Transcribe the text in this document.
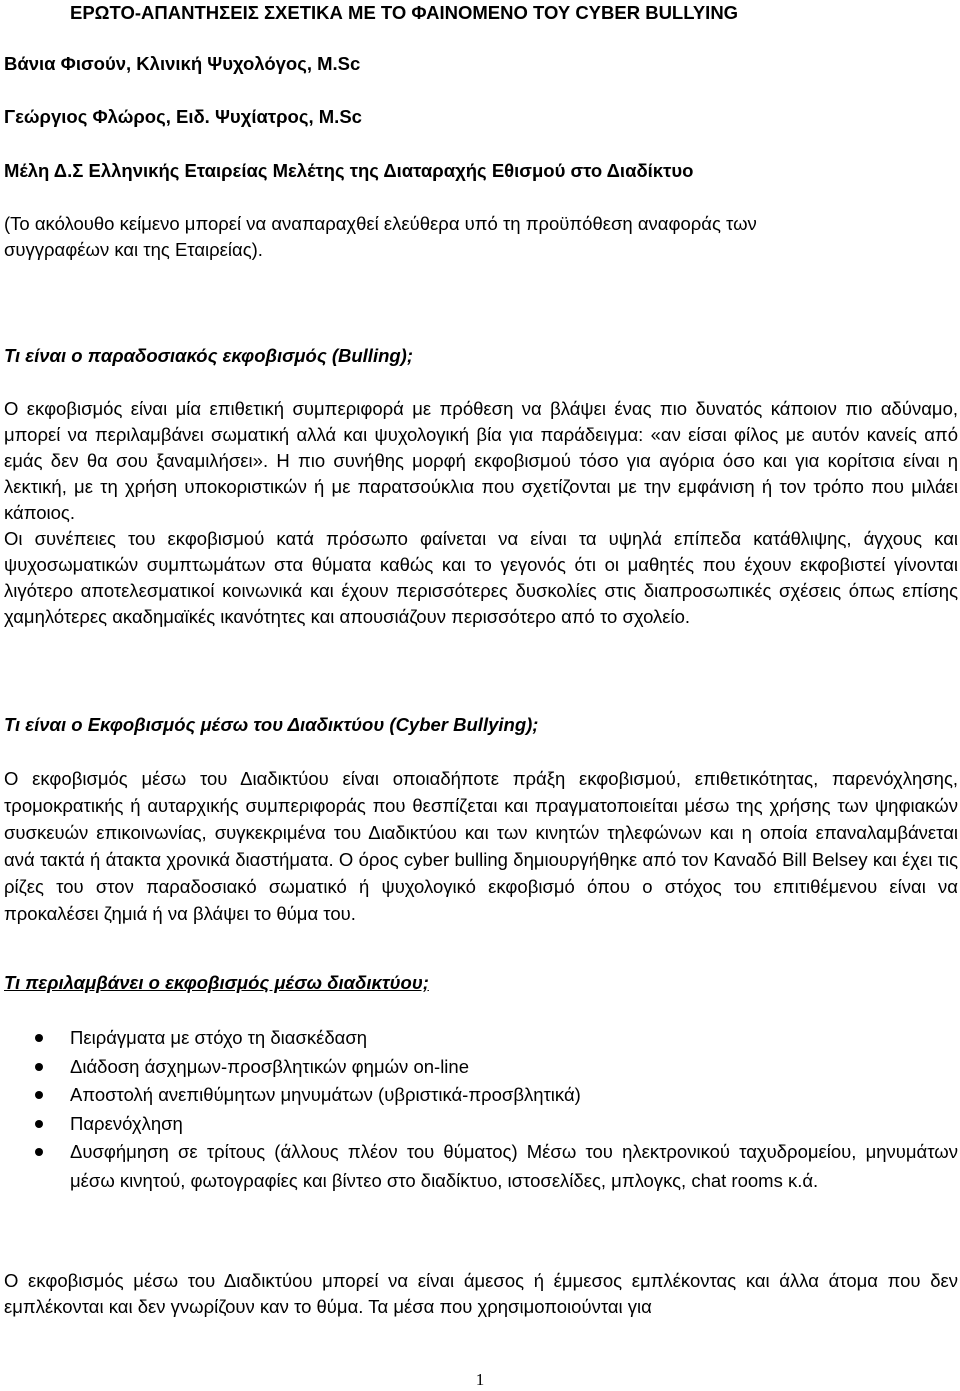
ΕΡΩΤΟ-ΑΠΑΝΤΗΣΕΙΣ ΣΧΕΤΙΚΑ ΜΕ ΤΟ ΦΑΙΝΟΜΕΝΟ ΤΟΥ CYBER BULLYING
Βάνια Φισούν, Κλινική Ψυχολόγος, M.Sc
Γεώργιος Φλώρος, Ειδ. Ψυχίατρος, M.Sc
Μέλη Δ.Σ Ελληνικής Εταιρείας Μελέτης της Διαταραχής Εθισμού στο Διαδίκτυο
(Το ακόλουθο κείμενο μπορεί να αναπαραχθεί ελεύθερα υπό τη προϋπόθεση αναφοράς των
συγγραφέων και της Εταιρείας).
Τι είναι ο παραδοσιακός εκφοβισμός (Bulling);

Ο εκφοβισμός είναι μία επιθετική συμπεριφορά με πρόθεση να βλάψει ένας πιο δυνατός κάποιον πιο αδύναμο, μπορεί να περιλαμβάνει σωματική αλλά και ψυχολογική βία για παράδειγμα: «αν είσαι φίλος με αυτόν κανείς από εμάς δεν θα σου ξαναμιλήσει». Η πιο συνήθης μορφή εκφοβισμού τόσο για αγόρια όσο και για κορίτσια είναι η λεκτική, με τη χρήση υποκοριστικών ή με παρατσούκλια που σχετίζονται με την εμφάνιση ή τον τρόπο που μιλάει κάποιος.

Οι συνέπειες του εκφοβισμού κατά πρόσωπο φαίνεται να είναι τα υψηλά επίπεδα κατάθλιψης, άγχους και ψυχοσωματικών συμπτωμάτων στα θύματα καθώς και το γεγονός ότι οι μαθητές που έχουν εκφοβιστεί γίνονται λιγότερο αποτελεσματικοί κοινωνικά και έχουν περισσότερες δυσκολίες στις διαπροσωπικές σχέσεις όπως επίσης χαμηλότερες ακαδημαϊκές ικανότητες και απουσιάζουν περισσότερο από το σχολείο.

Τι είναι ο Εκφοβισμός μέσω του Διαδικτύου (Cyber Bullying);

Ο εκφοβισμός μέσω του Διαδικτύου είναι οποιαδήποτε πράξη εκφοβισμού, επιθετικότητας, παρενόχλησης, τρομοκρατικής ή αυταρχικής συμπεριφοράς που θεσπίζεται και πραγματοποιείται μέσω της χρήσης των ψηφιακών συσκευών επικοινωνίας, συγκεκριμένα του Διαδικτύου και των κινητών τηλεφώνων και η οποία επαναλαμβάνεται ανά τακτά ή άτακτα χρονικά διαστήματα. Ο όρος cyber bulling δημιουργήθηκε από τον Καναδό Bill Belsey και έχει τις ρίζες του στον παραδοσιακό σωματικό ή ψυχολογικό εκφοβισμό όπου ο στόχος του επιτιθέμενου είναι να προκαλέσει ζημιά ή να βλάψει το θύμα του.

Τι περιλαμβάνει ο εκφοβισμός μέσω διαδικτύου;
Πειράγματα με στόχο τη διασκέδαση
Διάδοση άσχημων-προσβλητικών φημών on-line
Αποστολή ανεπιθύμητων μηνυμάτων (υβριστικά-προσβλητικά)
Παρενόχληση
Δυσφήμηση σε τρίτους (άλλους πλέον του θύματος) Μέσω του ηλεκτρονικού ταχυδρομείου, μηνυμάτων μέσω κινητού, φωτογραφίες και βίντεο στο διαδίκτυο, ιστοσελίδες, μπλογκς, chat rooms κ.ά.

Ο εκφοβισμός μέσω του Διαδικτύου μπορεί να είναι άμεσος ή έμμεσος εμπλέκοντας και άλλα άτομα που δεν εμπλέκονται και δεν γνωρίζουν καν το θύμα. Τα μέσα που χρησιμοποιούνται για

1
